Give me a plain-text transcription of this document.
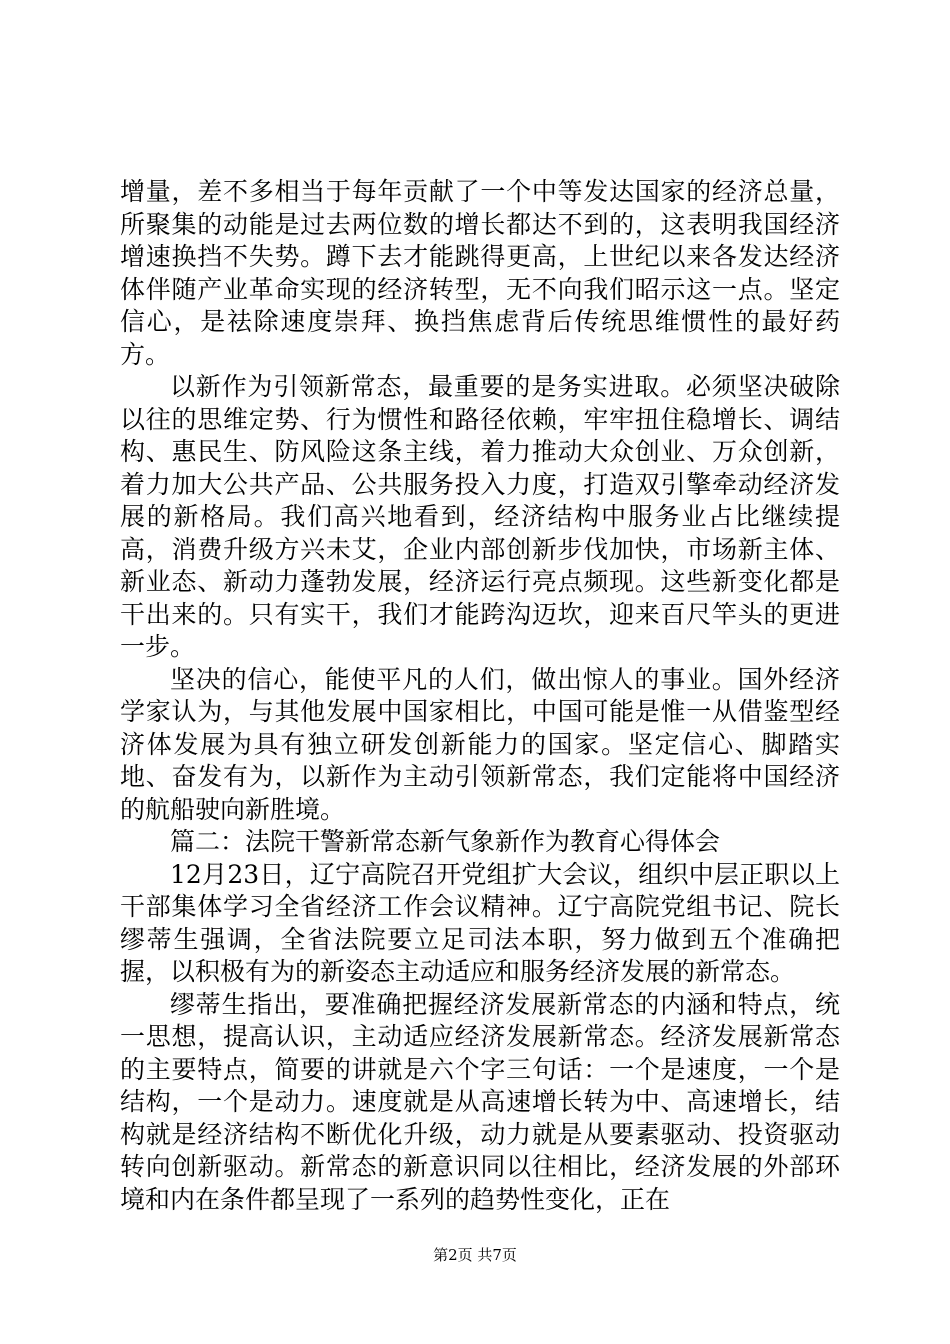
增量，差不多相当于每年贡献了一个中等发达国家的经济总量，所聚集的动能是过去两位数的增长都达不到的，这表明我国经济增速换挡不失势。蹲下去才能跳得更高，上世纪以来各发达经济体伴随产业革命实现的经济转型，无不向我们昭示这一点。坚定信心，是祛除速度崇拜、换挡焦虑背后传统思维惯性的最好药方。

以新作为引领新常态，最重要的是务实进取。必须坚决破除以往的思维定势、行为惯性和路径依赖，牢牢扭住稳增长、调结构、惠民生、防风险这条主线，着力推动大众创业、万众创新，着力加大公共产品、公共服务投入力度，打造双引擎牵动经济发展的新格局。我们高兴地看到，经济结构中服务业占比继续提高，消费升级方兴未艾，企业内部创新步伐加快，市场新主体、新业态、新动力蓬勃发展，经济运行亮点频现。这些新变化都是干出来的。只有实干，我们才能跨沟迈坎，迎来百尺竿头的更进一步。

坚决的信心，能使平凡的人们，做出惊人的事业。国外经济学家认为，与其他发展中国家相比，中国可能是惟一从借鉴型经济体发展为具有独立研发创新能力的国家。坚定信心、脚踏实地、奋发有为，以新作为主动引领新常态，我们定能将中国经济的航船驶向新胜境。

篇二：法院干警新常态新气象新作为教育心得体会

12月23日，辽宁高院召开党组扩大会议，组织中层正职以上干部集体学习全省经济工作会议精神。辽宁高院党组书记、院长缪蒂生强调，全省法院要立足司法本职，努力做到五个准确把握，以积极有为的新姿态主动适应和服务经济发展的新常态。

缪蒂生指出，要准确把握经济发展新常态的内涵和特点，统一思想，提高认识，主动适应经济发展新常态。经济发展新常态的主要特点，简要的讲就是六个字三句话：一个是速度，一个是结构，一个是动力。速度就是从高速增长转为中、高速增长，结构就是经济结构不断优化升级，动力就是从要素驱动、投资驱动转向创新驱动。新常态的新意识同以往相比，经济发展的外部环境和内在条件都呈现了一系列的趋势性变化，正在

第2页 共7页
